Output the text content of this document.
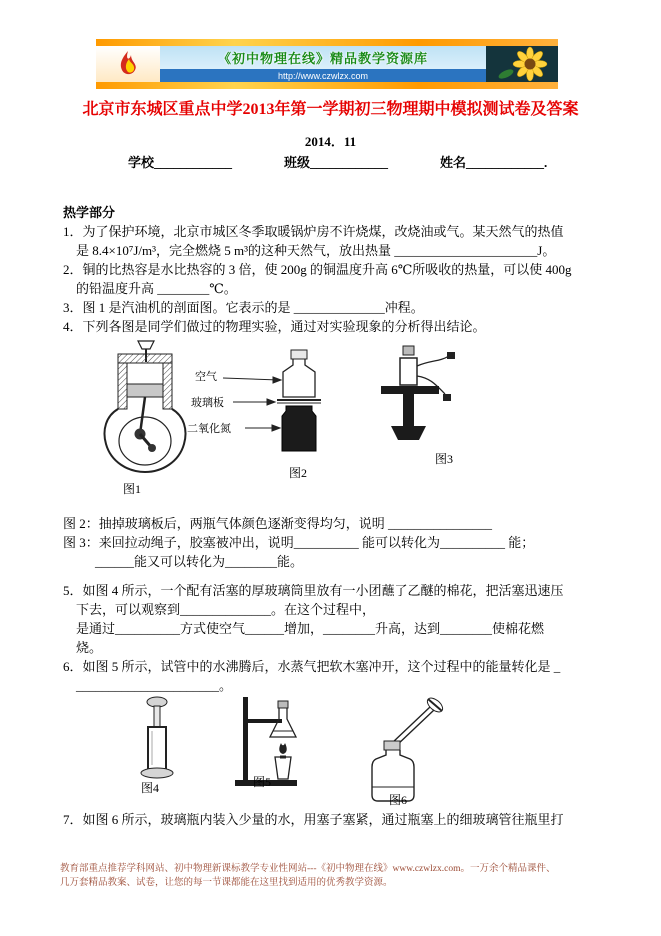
《初中物理在线》精品教学资源库
http://www.czwlzx.com
北京市东城区重点中学2013年第一学期初三物理期中模拟测试卷及答案
2014．11
学校____________	班级____________	姓名____________.
热学部分
1．为了保护环境，北京市城区冬季取暖锅炉房不许烧煤，改烧油或气。某天然气的热值
是 8.4×10⁷J/m³，完全燃烧 5 m³的这种天然气，放出热量 ______________________J。
2．铜的比热容是水比热容的 3 倍，使 200g 的铜温度升高 6℃所吸收的热量，可以使 400g
的铅温度升高 ________℃。
3．图 1 是汽油机的剖面图。它表示的是 ______________冲程。
4．下列各图是同学们做过的物理实验，通过对实验现象的分析得出结论。
图1
空气
玻璃板
二氧化氮
图2
图3
图 2：抽掉玻璃板后，两瓶气体颜色逐渐变得均匀，说明 ________________
图 3：来回拉动绳子，胶塞被冲出，说明__________ 能可以转化为__________ 能；
______能又可以转化为________能。
5．如图 4 所示，一个配有活塞的厚玻璃筒里放有一小团蘸了乙醚的棉花，把活塞迅速压
下去，可以观察到______________。在这个过程中，
是通过__________方式使空气______增加，________升高，达到________使棉花燃
烧。
6．如图 5 所示，试管中的水沸腾后，水蒸气把软木塞冲开，这个过程中的能量转化是 _
______________________。
图4	图5
图6
7．如图 6 所示，玻璃瓶内装入少量的水，用塞子塞紧，通过瓶塞上的细玻璃管往瓶里打
教育部重点推荐学科网站、初中物理新课标教学专业性网站---《初中物理在线》www.czwlzx.com。一万余个精品课件、
几万套精品教案、试卷，让您的每一节课都能在这里找到适用的优秀教学资源。
